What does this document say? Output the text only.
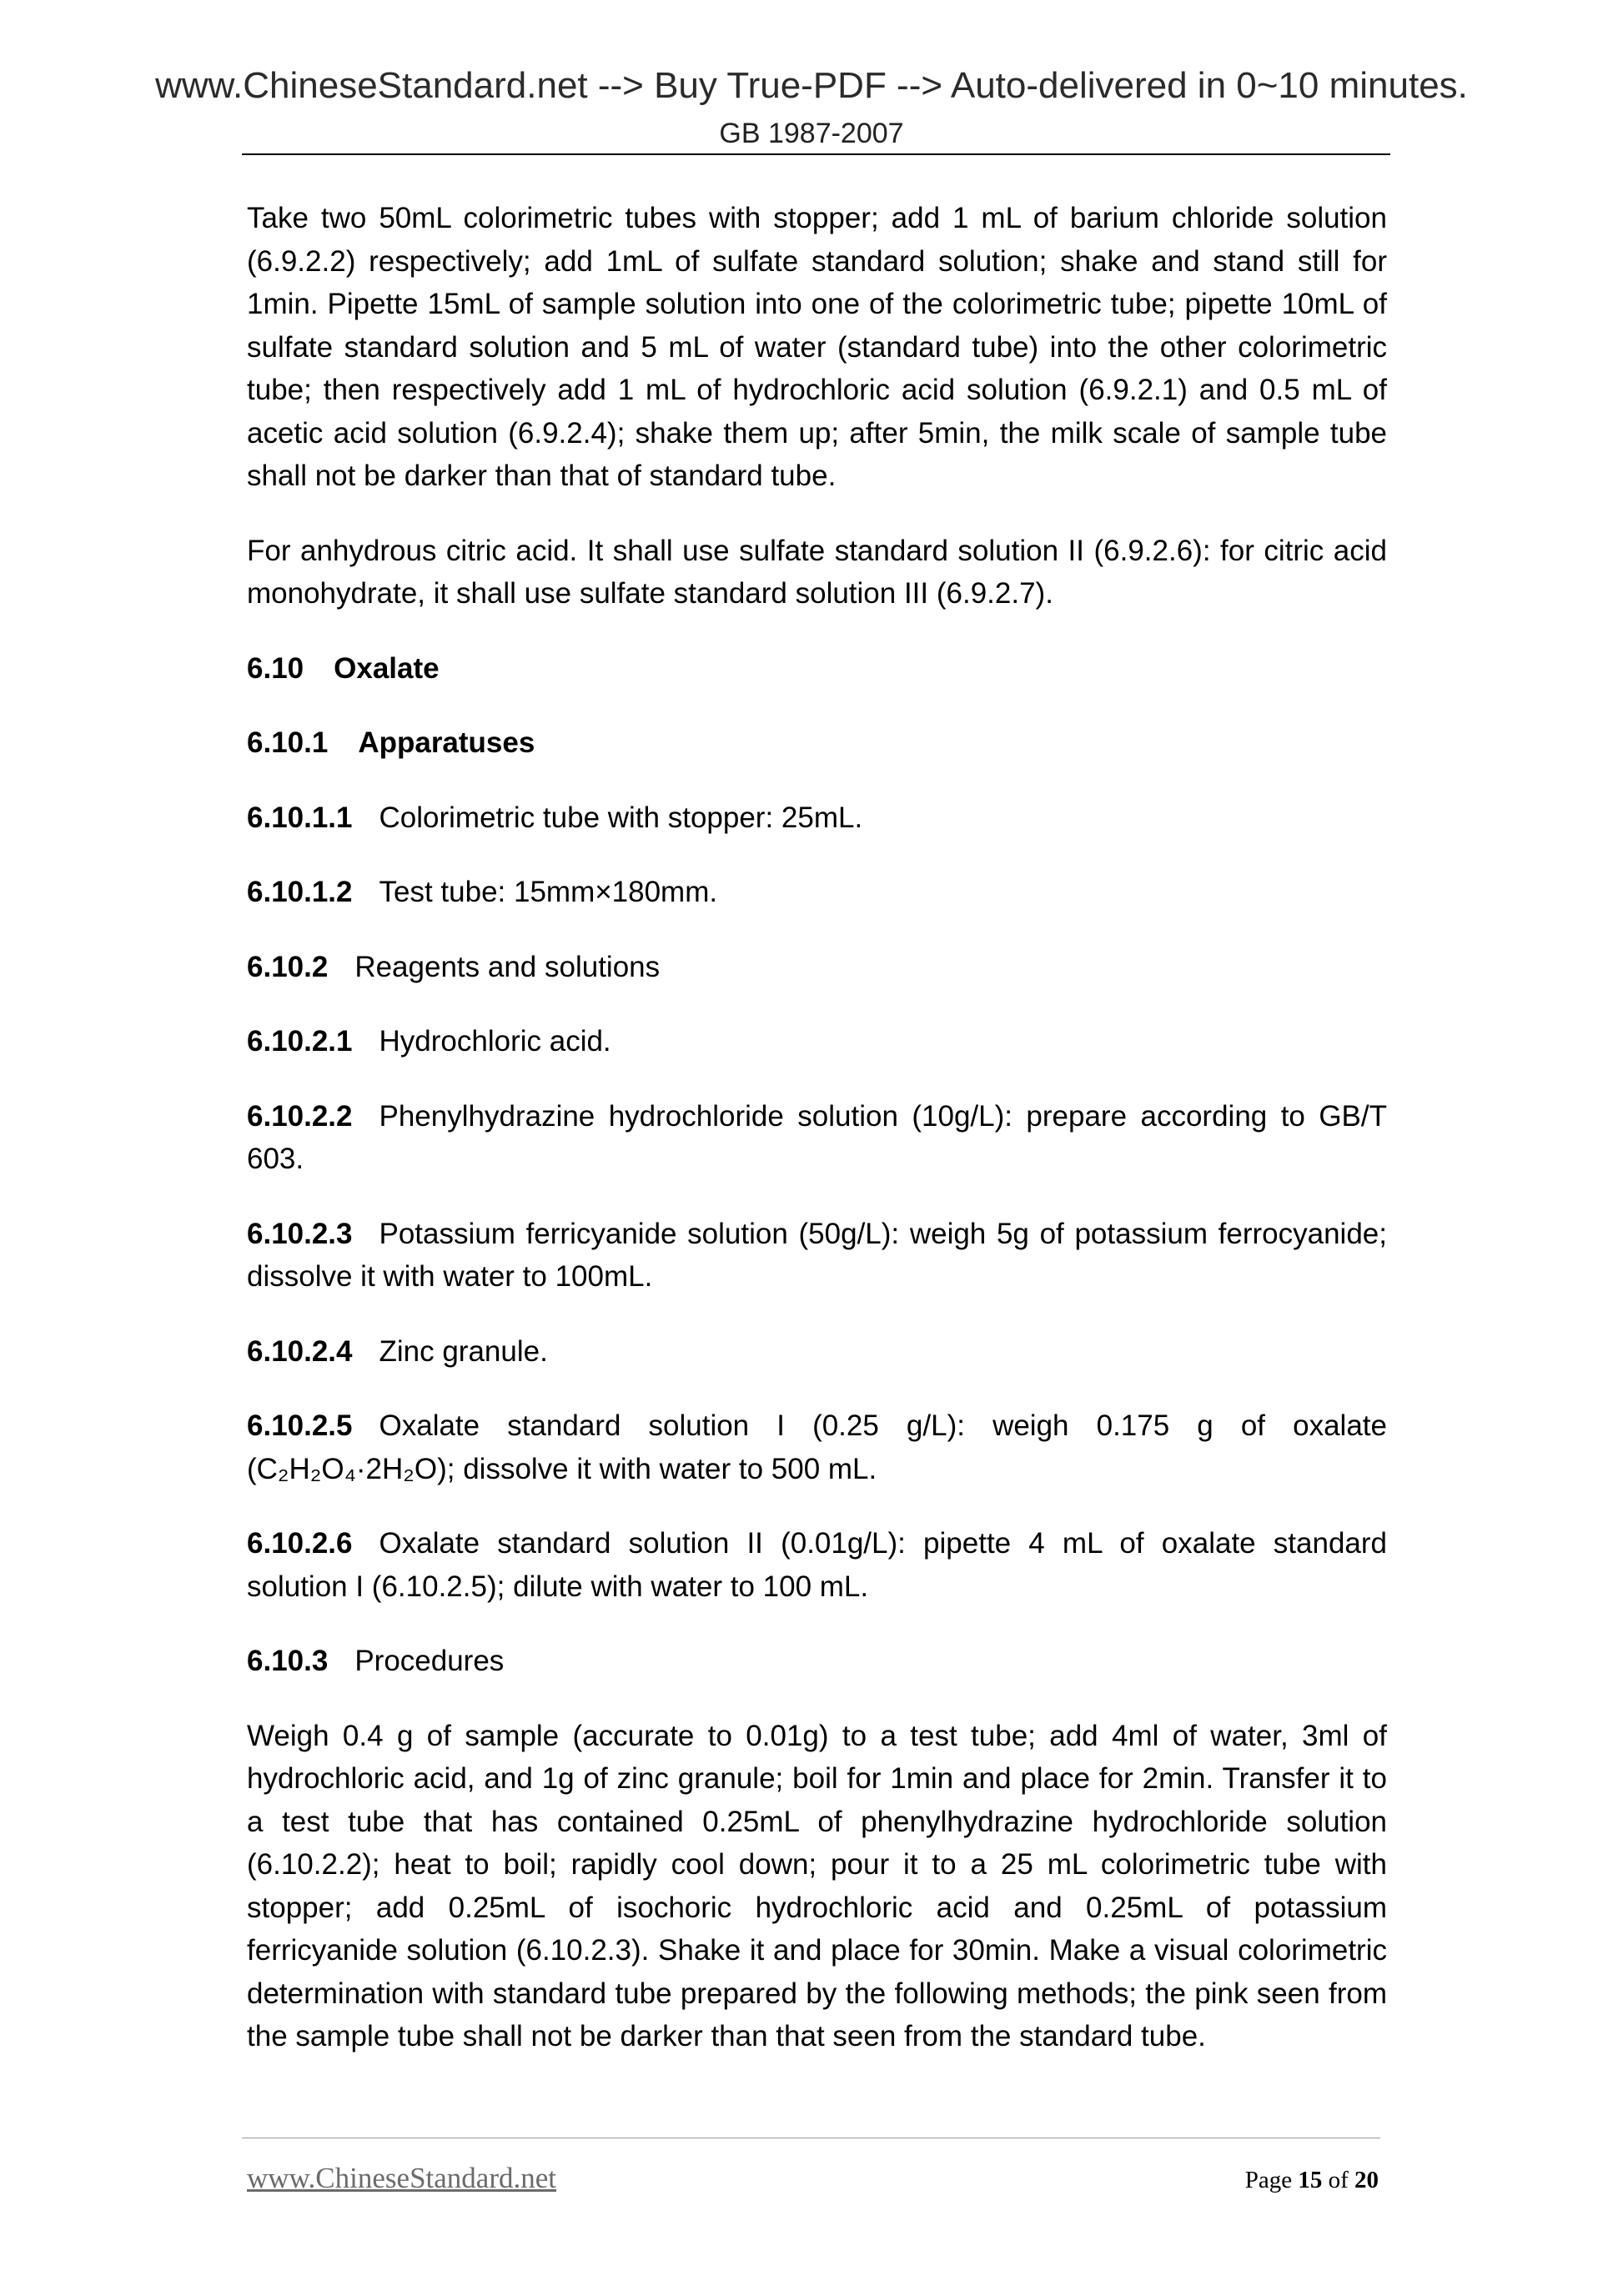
www.ChineseStandard.net --> Buy True-PDF --> Auto-delivered in 0~10 minutes.
GB 1987-2007

Take two 50mL colorimetric tubes with stopper; add 1 mL of barium chloride solution (6.9.2.2) respectively; add 1mL of sulfate standard solution; shake and stand still for 1min. Pipette 15mL of sample solution into one of the colorimetric tube; pipette 10mL of sulfate standard solution and 5 mL of water (standard tube) into the other colorimetric tube; then respectively add 1 mL of hydrochloric acid solution (6.9.2.1) and 0.5 mL of acetic acid solution (6.9.2.4); shake them up; after 5min, the milk scale of sample tube shall not be darker than that of standard tube.

For anhydrous citric acid. It shall use sulfate standard solution II (6.9.2.6): for citric acid monohydrate, it shall use sulfate standard solution III (6.9.2.7).

6.10 Oxalate
6.10.1 Apparatuses
6.10.1.1 Colorimetric tube with stopper: 25mL.
6.10.1.2 Test tube: 15mm×180mm.
6.10.2 Reagents and solutions
6.10.2.1 Hydrochloric acid.
6.10.2.2 Phenylhydrazine hydrochloride solution (10g/L): prepare according to GB/T 603.
6.10.2.3 Potassium ferricyanide solution (50g/L): weigh 5g of potassium ferrocyanide; dissolve it with water to 100mL.
6.10.2.4 Zinc granule.
6.10.2.5 Oxalate standard solution I (0.25 g/L): weigh 0.175 g of oxalate (C₂H₂O₄·2H₂O); dissolve it with water to 500 mL.
6.10.2.6 Oxalate standard solution II (0.01g/L): pipette 4 mL of oxalate standard solution I (6.10.2.5); dilute with water to 100 mL.
6.10.3 Procedures

Weigh 0.4 g of sample (accurate to 0.01g) to a test tube; add 4ml of water, 3ml of hydrochloric acid, and 1g of zinc granule; boil for 1min and place for 2min. Transfer it to a test tube that has contained 0.25mL of phenylhydrazine hydrochloride solution (6.10.2.2); heat to boil; rapidly cool down; pour it to a 25 mL colorimetric tube with stopper; add 0.25mL of isochoric hydrochloric acid and 0.25mL of potassium ferricyanide solution (6.10.2.3). Shake it and place for 30min. Make a visual colorimetric determination with standard tube prepared by the following methods; the pink seen from the sample tube shall not be darker than that seen from the standard tube.

www.ChineseStandard.net	Page 15 of 20
